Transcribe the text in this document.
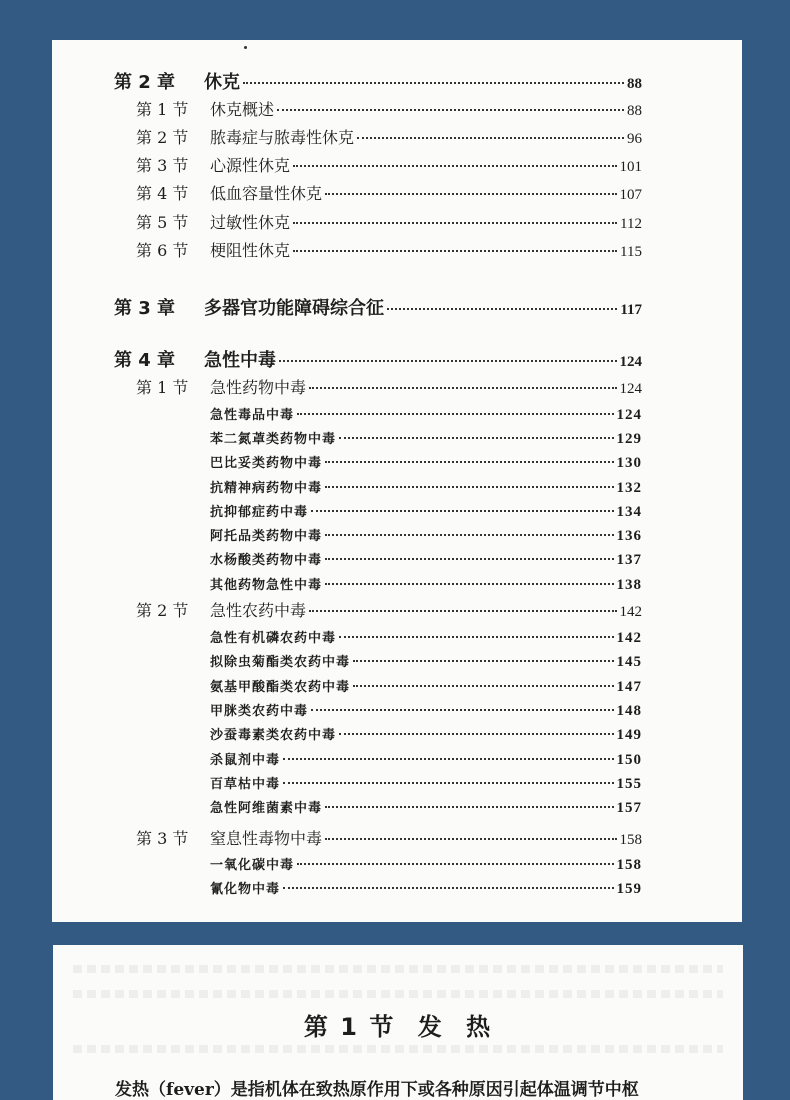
第 2 章	休克	88
第 1 节	休克概述	88
第 2 节	脓毒症与脓毒性休克	96
第 3 节	心源性休克	101
第 4 节	低血容量性休克	107
第 5 节	过敏性休克	112
第 6 节	梗阻性休克	115
第 3 章	多器官功能障碍综合征	117
第 4 章	急性中毒	124
第 1 节	急性药物中毒	124
急性毒品中毒	124
苯二氮䓬类药物中毒	129
巴比妥类药物中毒	130
抗精神病药物中毒	132
抗抑郁症药中毒	134
阿托品类药物中毒	136
水杨酸类药物中毒	137
其他药物急性中毒	138
第 2 节	急性农药中毒	142
急性有机磷农药中毒	142
拟除虫菊酯类农药中毒	145
氨基甲酸酯类农药中毒	147
甲脒类农药中毒	148
沙蚕毒素类农药中毒	149
杀鼠剂中毒	150
百草枯中毒	155
急性阿维菌素中毒	157
第 3 节	窒息性毒物中毒	158
一氧化碳中毒	158
氰化物中毒	159
第 1 节 发 热
发热（fever）是指机体在致热原作用下或各种原因引起体温调节中枢
